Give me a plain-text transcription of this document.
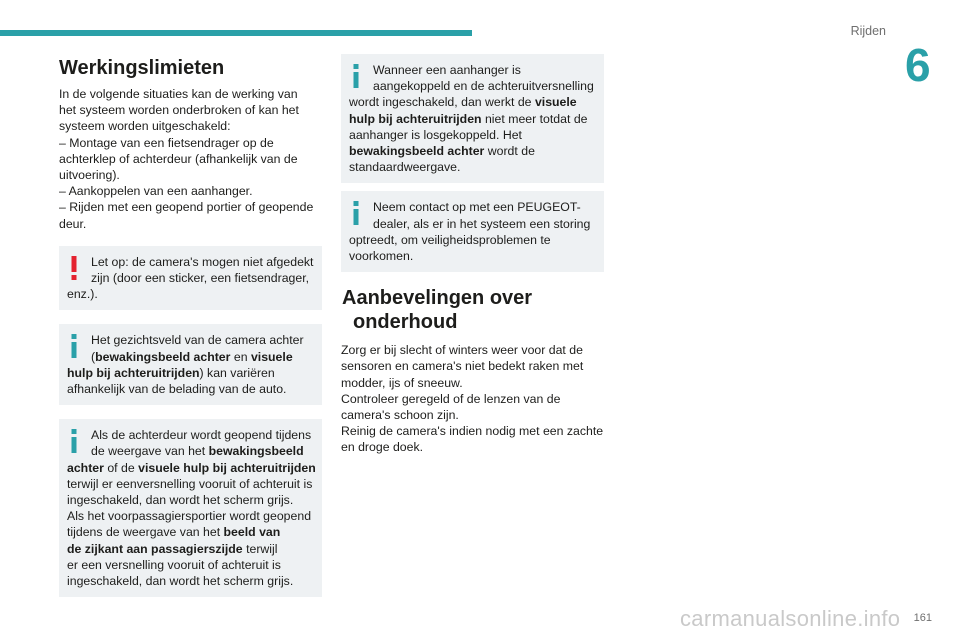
Rijden
6
161
carmanualsonline.info
Werkingslimieten
In de volgende situaties kan de werking van
het systeem worden onderbroken of kan het
systeem worden uitgeschakeld:
– Montage van een fietsendrager op de
achterklep of achterdeur (afhankelijk van de
uitvoering).
– Aankoppelen van een aanhanger.
– Rijden met een geopend portier of geopende
deur.
Let op: de camera's mogen niet afgedekt
zijn (door een sticker, een fietsendrager,
enz.).
Het gezichtsveld van de camera achter
(bewakingsbeeld achter en visuele
hulp bij achteruitrijden) kan variëren
afhankelijk van de belading van de auto.
Als de achterdeur wordt geopend tijdens
de weergave van het bewakingsbeeld
achter of de visuele hulp bij achteruitrijden
terwijl er eenversnelling vooruit of achteruit is
ingeschakeld, dan wordt het scherm grijs.
Als het voorpassagiersportier wordt geopend
tijdens de weergave van het beeld van
de zijkant aan passagierszijde terwijl
er een versnelling vooruit of achteruit is
ingeschakeld, dan wordt het scherm grijs.
Wanneer een aanhanger is
aangekoppeld en de achteruitversnelling
wordt ingeschakeld, dan werkt de visuele
hulp bij achteruitrijden niet meer totdat de
aanhanger is losgekoppeld. Het
bewakingsbeeld achter wordt de
standaardweergave.
Neem contact op met een PEUGEOT-
dealer, als er in het systeem een storing
optreedt, om veiligheidsproblemen te
voorkomen.
Aanbevelingen over
onderhoud
Zorg er bij slecht of winters weer voor dat de
sensoren en camera's niet bedekt raken met
modder, ijs of sneeuw.
Controleer geregeld of de lenzen van de
camera's schoon zijn.
Reinig de camera's indien nodig met een zachte
en droge doek.
